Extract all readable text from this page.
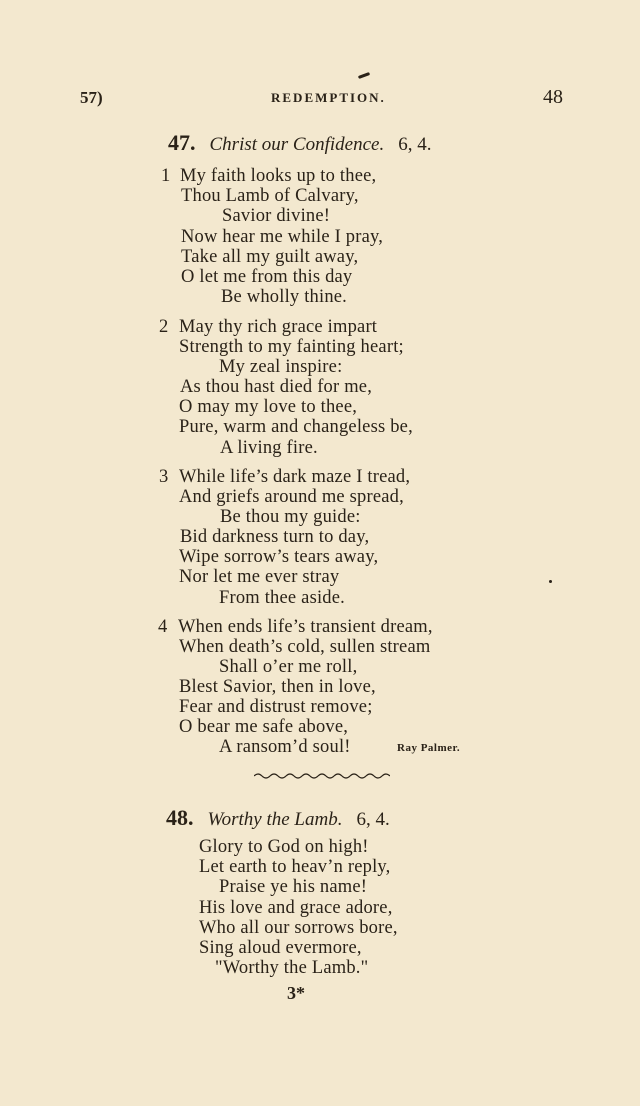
57)	REDEMPTION.	48
47. Christ our Confidence. 6, 4.
1 My faith looks up to thee,
Thou Lamb of Calvary,
Savior divine!
Now hear me while I pray,
Take all my guilt away,
O let me from this day
Be wholly thine.
2 May thy rich grace impart
Strength to my fainting heart;
My zeal inspire:
As thou hast died for me,
O may my love to thee,
Pure, warm and changeless be,
A living fire.
3 While life’s dark maze I tread,
And griefs around me spread,
Be thou my guide:
Bid darkness turn to day,
Wipe sorrow’s tears away,
Nor let me ever stray
From thee aside.
4 When ends life’s transient dream,
When death’s cold, sullen stream
Shall o’er me roll,
Blest Savior, then in love,
Fear and distrust remove;
O bear me safe above,
A ransom’d soul!	Ray Palmer.
48. Worthy the Lamb. 6, 4.
Glory to God on high!
Let earth to heav’n reply,
Praise ye his name!
His love and grace adore,
Who all our sorrows bore,
Sing aloud evermore,
"Worthy the Lamb."
3*
